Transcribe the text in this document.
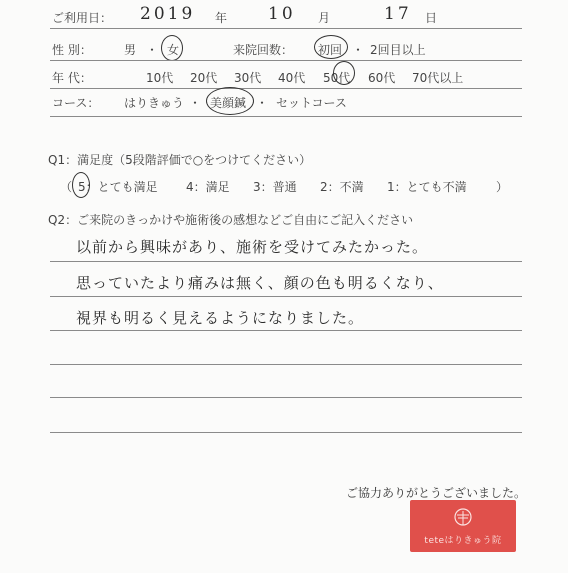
ご利用日： 2019 年 10 月	17 日
性 別：	男 ・ 女	来院回数： 初回 ・ 2回目以上
年 代：	10代 20代 30代 40代 50代 60代 70代以上
コース： はりきゅう ・ 美顔鍼 ・ セットコース
Q1：満足度（5段階評価で○をつけてください）
（ 5：とても満足 4：満足 3：普通 2：不満 1：とても不満 ）
Q2：ご来院のきっかけや施術後の感想などご自由にご記入ください
以前から興味があり、施術を受けてみたかった。
思っていたより痛みは無く、顔の色も明るくなり、
視界も明るく見えるようになりました。
ご協力ありがとうございました。
teteはりきゅう院
